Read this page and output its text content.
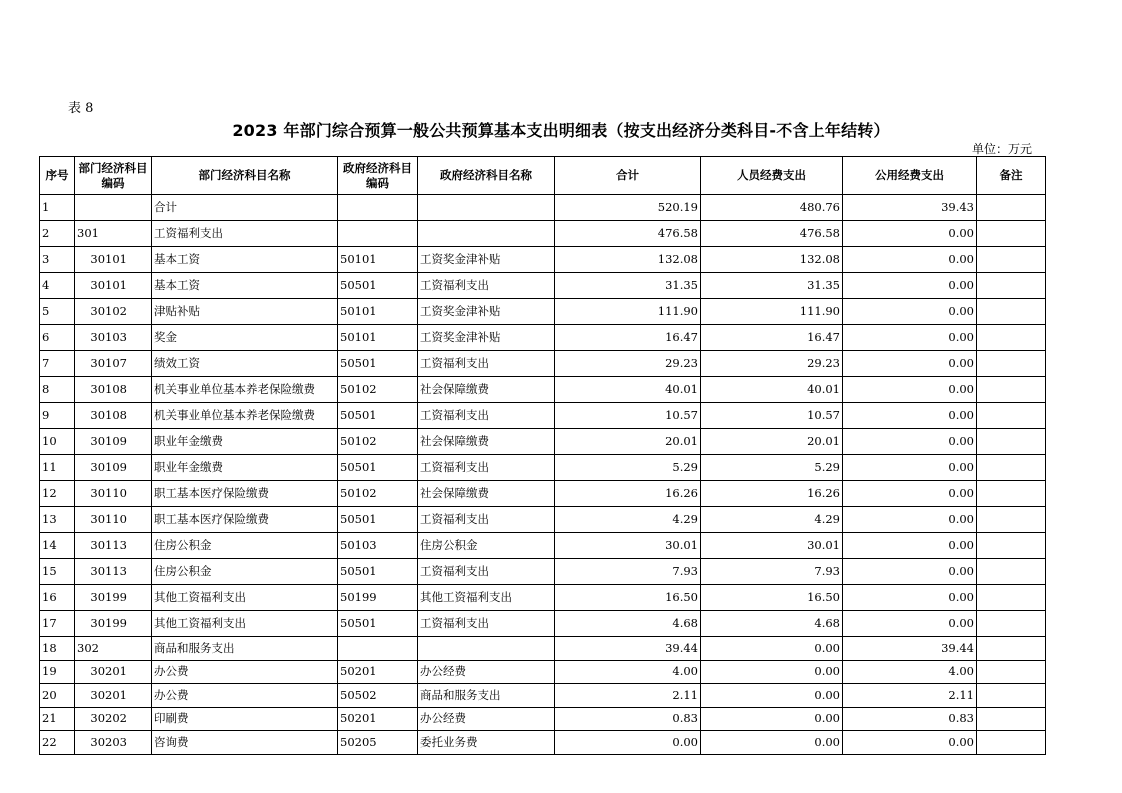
表 8
2023 年部门综合预算一般公共预算基本支出明细表（按支出经济分类科目-不含上年结转）
单位：万元
序号	部门经济科目编码	部门经济科目名称	政府经济科目编码	政府经济科目名称	合计	人员经费支出	公用经费支出	备注
1		合计			520.19	480.76	39.43	
2	301	工资福利支出			476.58	476.58	0.00	
3	30101	基本工资	50101	工资奖金津补贴	132.08	132.08	0.00	
4	30101	基本工资	50501	工资福利支出	31.35	31.35	0.00	
5	30102	津贴补贴	50101	工资奖金津补贴	111.90	111.90	0.00	
6	30103	奖金	50101	工资奖金津补贴	16.47	16.47	0.00	
7	30107	绩效工资	50501	工资福利支出	29.23	29.23	0.00	
8	30108	机关事业单位基本养老保险缴费	50102	社会保障缴费	40.01	40.01	0.00	
9	30108	机关事业单位基本养老保险缴费	50501	工资福利支出	10.57	10.57	0.00	
10	30109	职业年金缴费	50102	社会保障缴费	20.01	20.01	0.00	
11	30109	职业年金缴费	50501	工资福利支出	5.29	5.29	0.00	
12	30110	职工基本医疗保险缴费	50102	社会保障缴费	16.26	16.26	0.00	
13	30110	职工基本医疗保险缴费	50501	工资福利支出	4.29	4.29	0.00	
14	30113	住房公积金	50103	住房公积金	30.01	30.01	0.00	
15	30113	住房公积金	50501	工资福利支出	7.93	7.93	0.00	
16	30199	其他工资福利支出	50199	其他工资福利支出	16.50	16.50	0.00	
17	30199	其他工资福利支出	50501	工资福利支出	4.68	4.68	0.00	
18	302	商品和服务支出			39.44	0.00	39.44	
19	30201	办公费	50201	办公经费	4.00	0.00	4.00	
20	30201	办公费	50502	商品和服务支出	2.11	0.00	2.11	
21	30202	印刷费	50201	办公经费	0.83	0.00	0.83	
22	30203	咨询费	50205	委托业务费	0.00	0.00	0.00	
